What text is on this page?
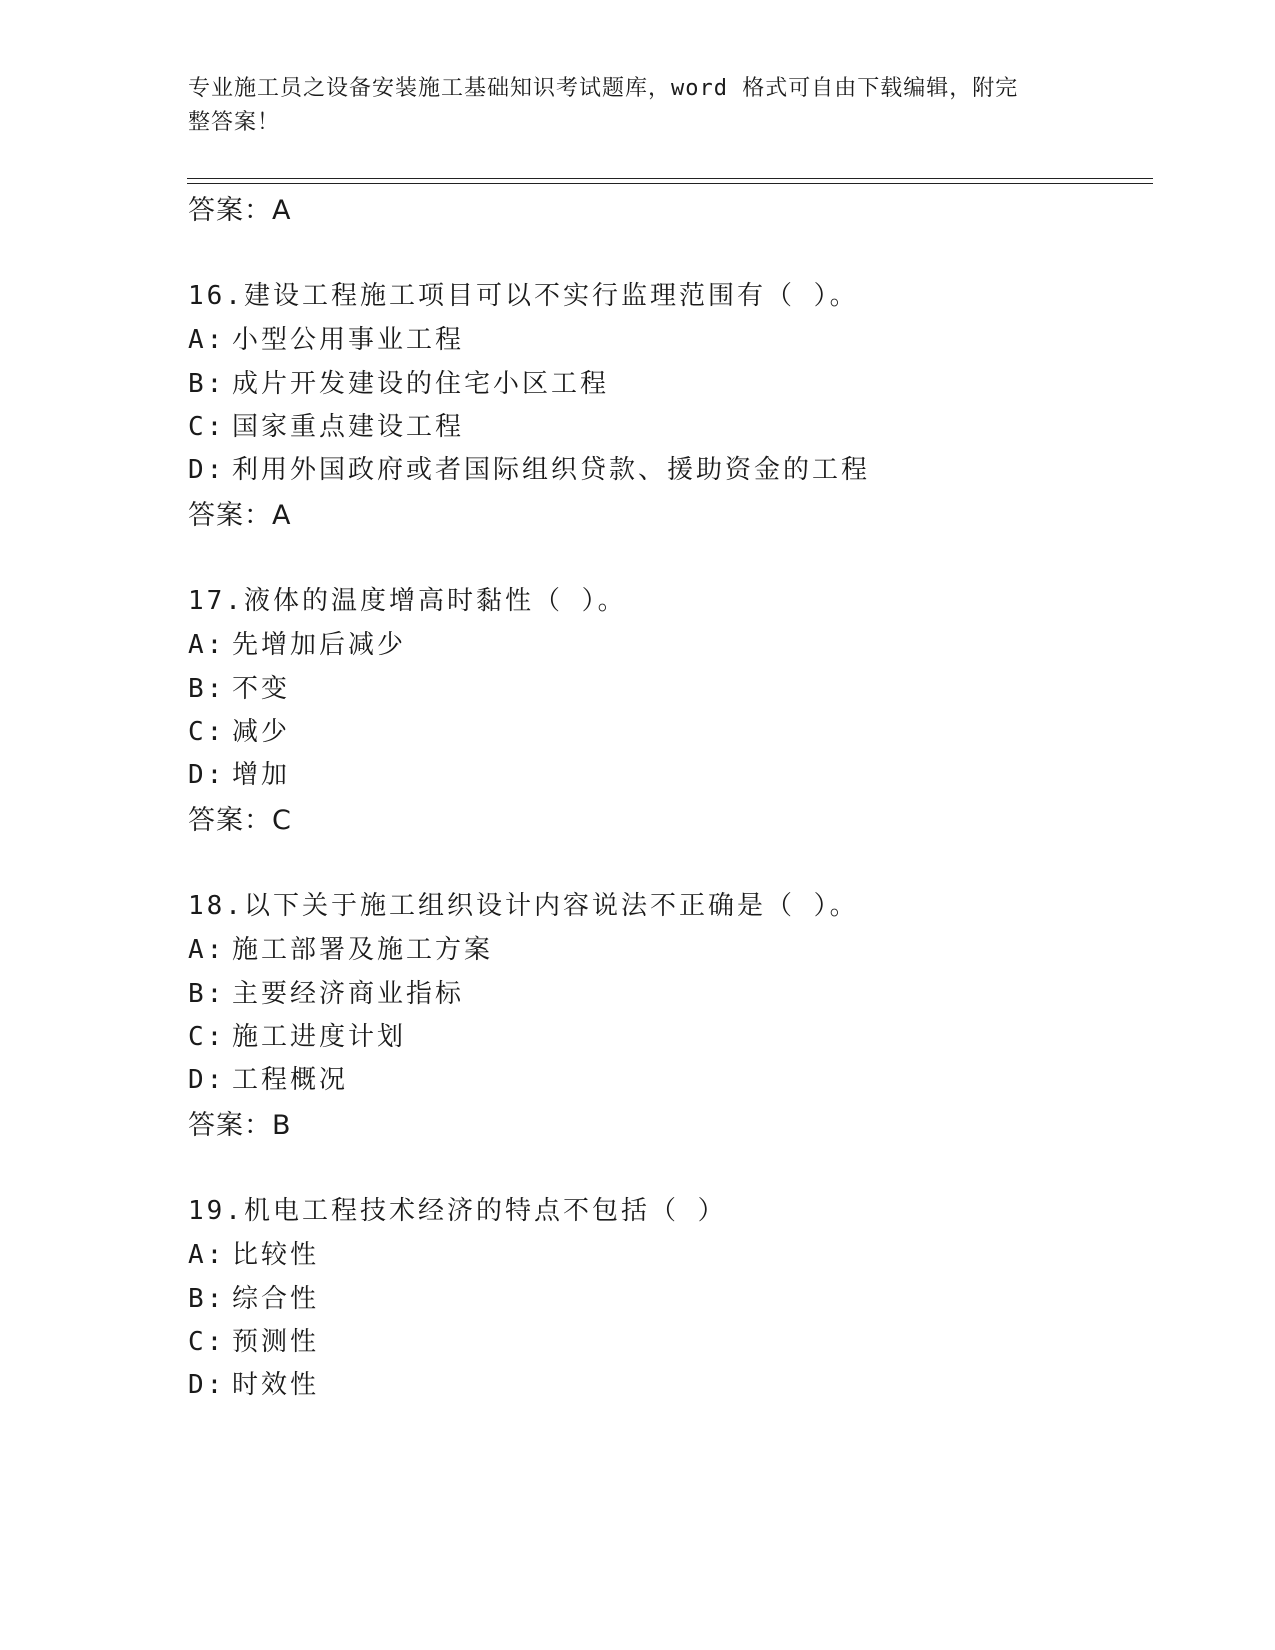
专业施工员之设备安装施工基础知识考试题库，word 格式可自由下载编辑，附完
整答案！
答案：A
16.建设工程施工项目可以不实行监理范围有（ ）。
A: 小型公用事业工程
B: 成片开发建设的住宅小区工程
C: 国家重点建设工程
D: 利用外国政府或者国际组织贷款、援助资金的工程
答案：A
17.液体的温度增高时黏性（ ）。
A: 先增加后减少
B: 不变
C: 减少
D: 增加
答案：C
18.以下关于施工组织设计内容说法不正确是（ ）。
A: 施工部署及施工方案
B: 主要经济商业指标
C: 施工进度计划
D: 工程概况
答案：B
19.机电工程技术经济的特点不包括（ ）
A: 比较性
B: 综合性
C: 预测性
D: 时效性
